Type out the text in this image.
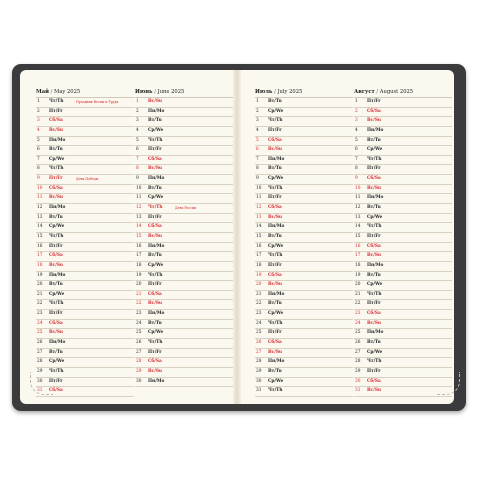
Май / May 2025
1 Чт/Th	Праздник Весны и Труда
2 Пт/Fr
3 Сб/Sa
4 Вс/Su
5 Пн/Mo
6 Вт/Tu
7 Ср/We
8 Чт/Th
9 Пт/Fr	День Победы
10 Сб/Sa
11 Вс/Su
12 Пн/Mo
13 Вт/Tu
14 Ср/We
15 Чт/Th
16 Пт/Fr
17 Сб/Sa
18 Вс/Su
19 Пн/Mo
20 Вт/Tu
21 Ср/We
22 Чт/Th
23 Пт/Fr
24 Сб/Sa
25 Вс/Su
26 Пн/Mo
27 Вт/Tu
28 Ср/We
29 Чт/Th
30 Пт/Fr
31 Сб/Sa
Июнь / June 2025
1 Вс/Su
2 Пн/Mo
3 Вт/Tu
4 Ср/We
5 Чт/Th
6 Пт/Fr
7 Сб/Sa
8 Вс/Su
9 Пн/Mo
10 Вт/Tu
11 Ср/We
12 Чт/Th	День России
13 Пт/Fr
14 Сб/Sa
15 Вс/Su
16 Пн/Mo
17 Вт/Tu
18 Ср/We
19 Чт/Th
20 Пт/Fr
21 Сб/Sa
22 Вс/Su
23 Пн/Mo
24 Вт/Tu
25 Ср/We
26 Чт/Th
27 Пт/Fr
28 Сб/Sa
29 Вс/Su
30 Пн/Mo
Июль / July 2025
1 Вт/Tu
2 Ср/We
3 Чт/Th
4 Пт/Fr
5 Сб/Sa
6 Вс/Su
7 Пн/Mo
8 Вт/Tu
9 Ср/We
10 Чт/Th
11 Пт/Fr
12 Сб/Sa
13 Вс/Su
14 Пн/Mo
15 Вт/Tu
16 Ср/We
17 Чт/Th
18 Пт/Fr
19 Сб/Sa
20 Вс/Su
21 Пн/Mo
22 Вт/Tu
23 Ср/We
24 Чт/Th
25 Пт/Fr
26 Сб/Sa
27 Вс/Su
28 Пн/Mo
29 Вт/Tu
30 Ср/We
31 Чт/Th
Август / August 2025
1 Пт/Fr
2 Сб/Sa
3 Вс/Su
4 Пн/Mo
5 Вт/Tu
6 Ср/We
7 Чт/Th
8 Пт/Fr
9 Сб/Sa
10 Вс/Su
11 Пн/Mo
12 Вт/Tu
13 Ср/We
14 Чт/Th
15 Пт/Fr
16 Сб/Sa
17 Вс/Su
18 Пн/Mo
19 Вт/Tu
20 Ср/We
21 Чт/Th
22 Пт/Fr
23 Сб/Sa
24 Вс/Su
25 Пн/Mo
26 Вт/Tu
27 Ср/We
28 Чт/Th
29 Пт/Fr
30 Сб/Sa
31 Вс/Su
